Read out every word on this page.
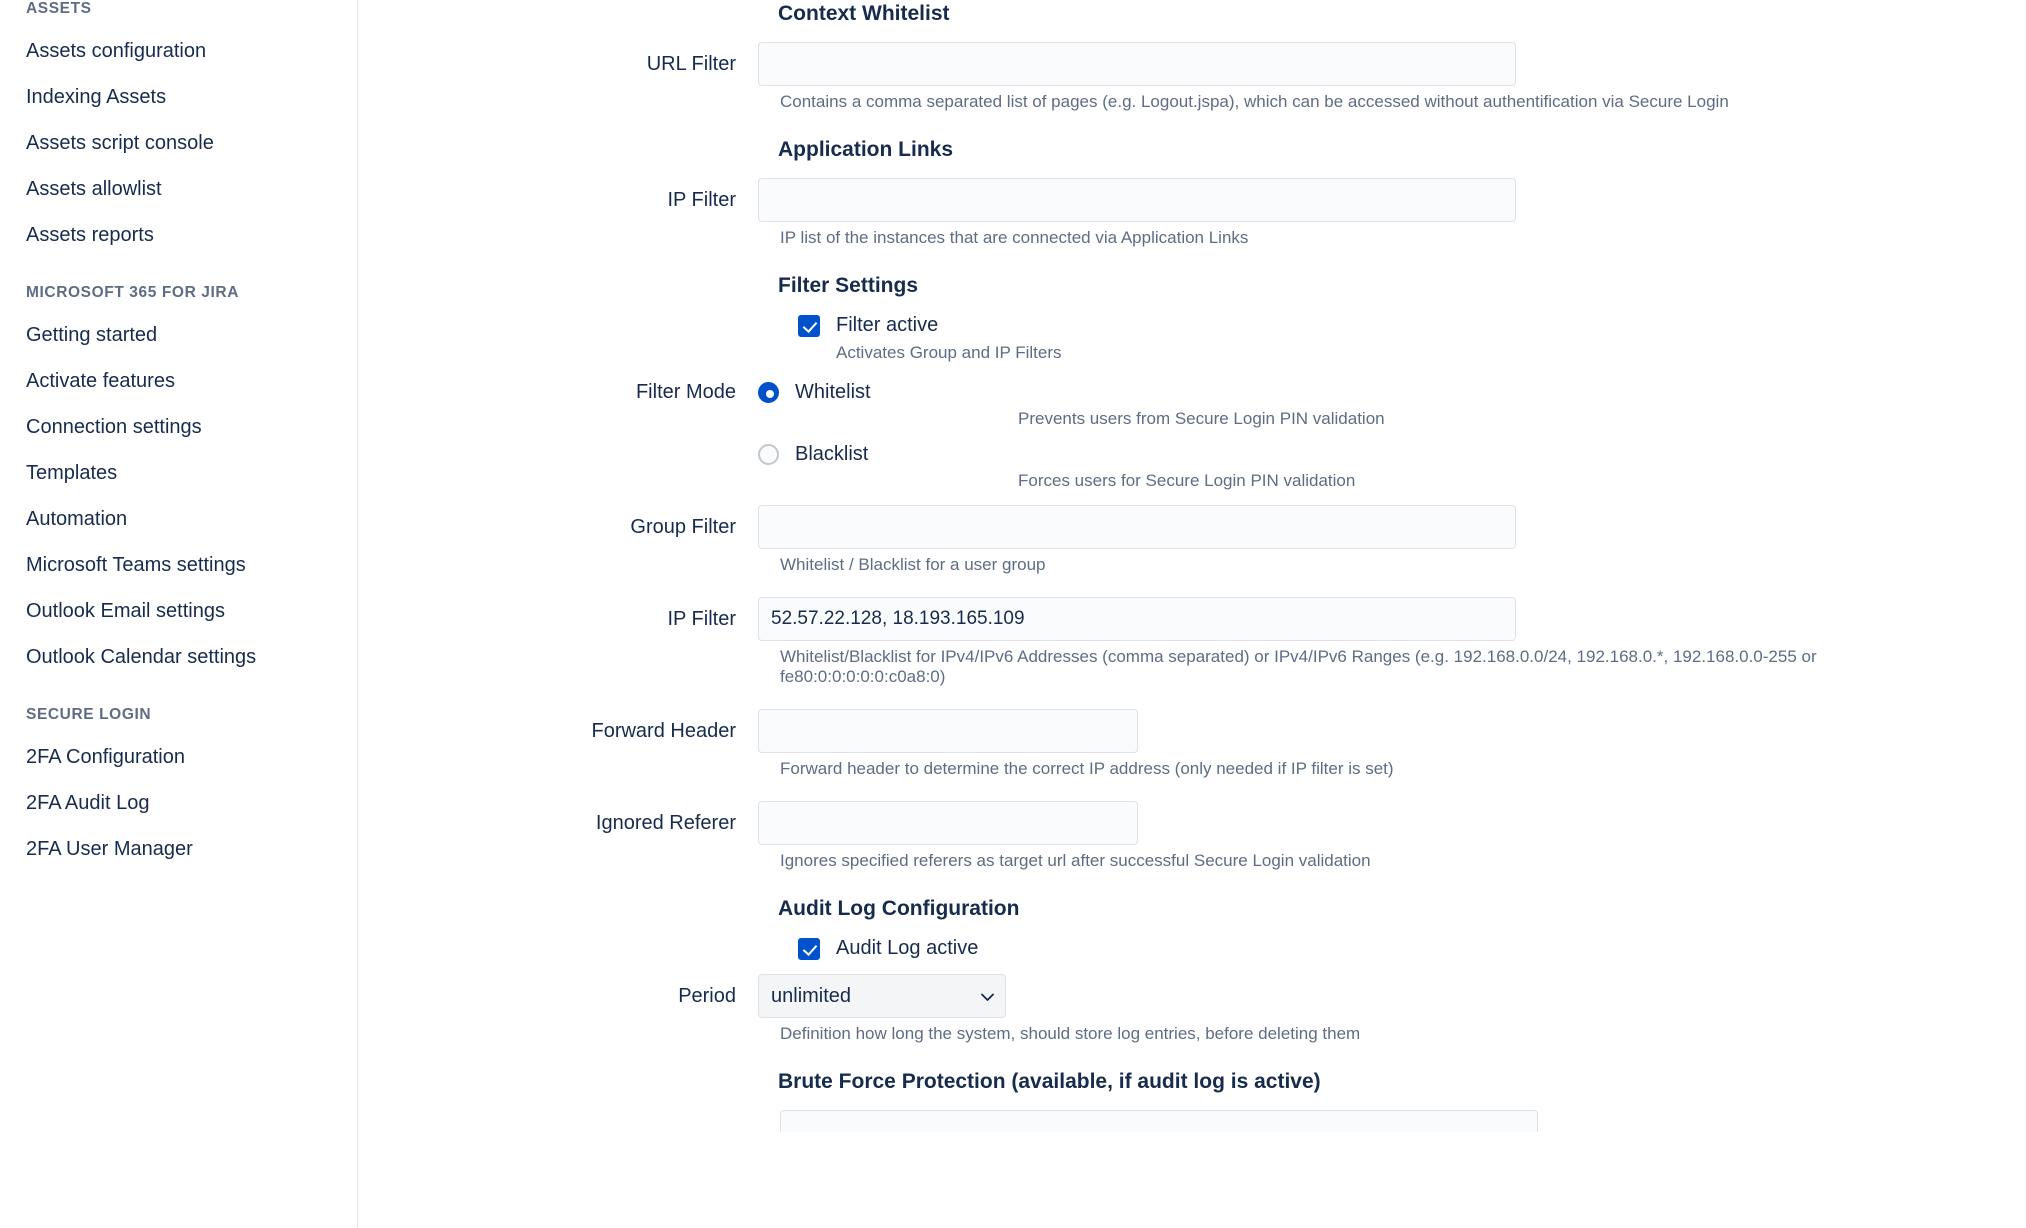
ASSETS
Assets configuration
Indexing Assets
Assets script console
Assets allowlist
Assets reports
MICROSOFT 365 FOR JIRA
Getting started
Activate features
Connection settings
Templates
Automation
Microsoft Teams settings
Outlook Email settings
Outlook Calendar settings
SECURE LOGIN
2FA Configuration
2FA Audit Log
2FA User Manager
Context Whitelist
URL Filter
Contains a comma separated list of pages (e.g. Logout.jspa), which can be accessed without authentification via Secure Login
Application Links
IP Filter
IP list of the instances that are connected via Application Links
Filter Settings
Filter active
Activates Group and IP Filters
Filter Mode	Whitelist
Prevents users from Secure Login PIN validation
Blacklist
Forces users for Secure Login PIN validation
Group Filter
Whitelist / Blacklist for a user group
IP Filter
52.57.22.128, 18.193.165.109
Whitelist/Blacklist for IPv4/IPv6 Addresses (comma separated) or IPv4/IPv6 Ranges (e.g. 192.168.0.0/24, 192.168.0.*, 192.168.0.0-255 or fe80:0:0:0:0:0:c0a8:0)
Forward Header
Forward header to determine the correct IP address (only needed if IP filter is set)
Ignored Referer
Ignores specified referers as target url after successful Secure Login validation
Audit Log Configuration
Audit Log active
Period
unlimited
Definition how long the system, should store log entries, before deleting them
Brute Force Protection (available, if audit log is active)
